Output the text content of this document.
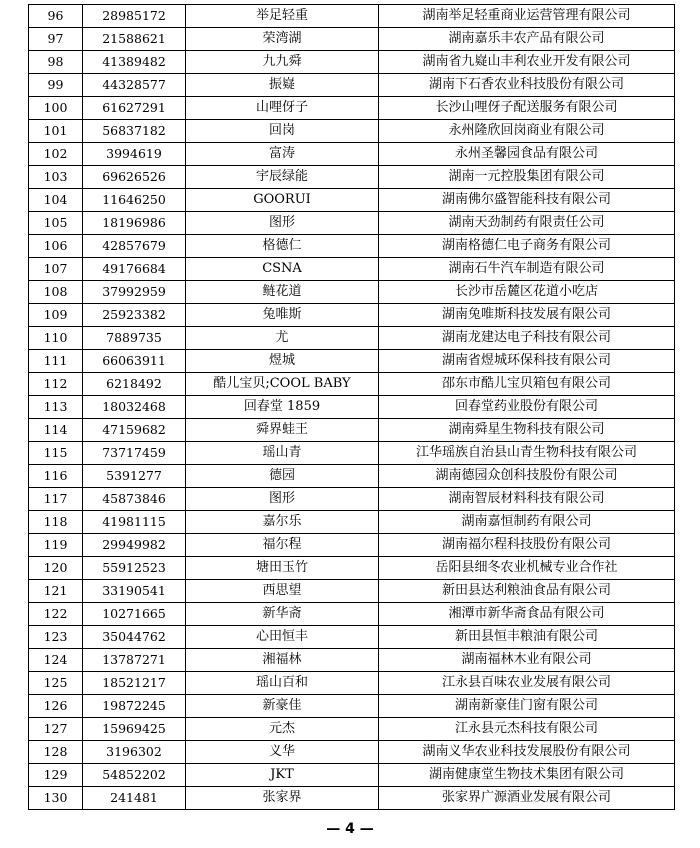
96	28985172	举足轻重	湖南举足轻重商业运营管理有限公司
97	21588621	荣湾湖	湖南嘉乐丰农产品有限公司
98	41389482	九九舜	湖南省九嶷山丰利农业开发有限公司
99	44328577	振嶷	湖南下石香农业科技股份有限公司
100	61627291	山哩伢子	长沙山哩伢子配送服务有限公司
101	56837182	回岗	永州隆欣回岗商业有限公司
102	3994619	富涛	永州圣馨园食品有限公司
103	69626526	宇辰绿能	湖南一元控股集团有限公司
104	11646250	GOORUI	湖南佛尔盛智能科技有限公司
105	18196986	图形	湖南天劲制药有限责任公司
106	42857679	格德仁	湖南格德仁电子商务有限公司
107	49176684	CSNA	湖南石牛汽车制造有限公司
108	37992959	鲢花道	长沙市岳麓区花道小吃店
109	25923382	兔唯斯	湖南兔唯斯科技发展有限公司
110	7889735	尤	湖南龙建达电子科技有限公司
111	66063911	煜城	湖南省煜城环保科技有限公司
112	6218492	酷儿宝贝;COOL BABY	邵东市酷儿宝贝箱包有限公司
113	18032468	回春堂 1859	回春堂药业股份有限公司
114	47159682	舜界蛙王	湖南舜星生物科技有限公司
115	73717459	瑶山青	江华瑶族自治县山青生物科技有限公司
116	5391277	德园	湖南德园众创科技股份有限公司
117	45873846	图形	湖南智辰材料科技有限公司
118	41981115	嘉尔乐	湖南嘉恒制药有限公司
119	29949982	福尔程	湖南福尔程科技股份有限公司
120	55912523	塘田玉竹	岳阳县细冬农业机械专业合作社
121	33190541	西思望	新田县达利粮油食品有限公司
122	10271665	新华斋	湘潭市新华斋食品有限公司
123	35044762	心田恒丰	新田县恒丰粮油有限公司
124	13787271	湘福林	湖南福林木业有限公司
125	18521217	瑶山百和	江永县百味农业发展有限公司
126	19872245	新豪佳	湖南新豪佳门窗有限公司
127	15969425	元杰	江永县元杰科技有限公司
128	3196302	义华	湖南义华农业科技发展股份有限公司
129	54852202	JKT	湖南健康堂生物技术集团有限公司
130	241481	张家界	张家界广源酒业发展有限公司
— 4 —
